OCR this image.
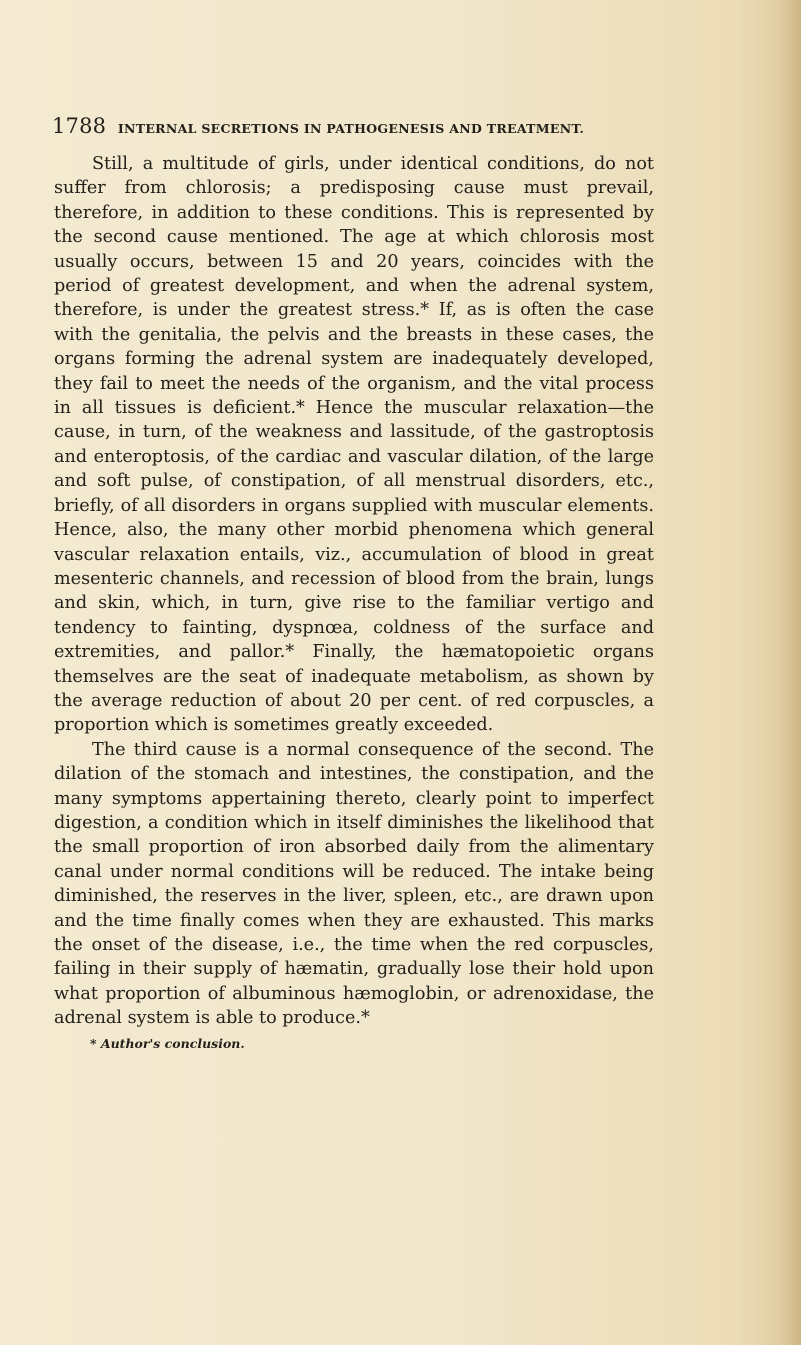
1788 INTERNAL SECRETIONS IN PATHOGENESIS AND TREATMENT.

Still, a multitude of girls, under identical conditions, do not suffer from chlorosis; a predisposing cause must prevail, therefore, in addition to these conditions. This is represented by the second cause mentioned. The age at which chlorosis most usually occurs, between 15 and 20 years, coincides with the period of greatest development, and when the adrenal system, therefore, is under the greatest stress.* If, as is often the case with the genitalia, the pelvis and the breasts in these cases, the organs forming the adrenal system are inadequately developed, they fail to meet the needs of the organism, and the vital process in all tissues is deficient.* Hence the muscular relaxation—the cause, in turn, of the weakness and lassitude, of the gastroptosis and enteroptosis, of the cardiac and vascular dilation, of the large and soft pulse, of constipation, of all menstrual disorders, etc., briefly, of all disorders in organs supplied with muscular elements. Hence, also, the many other morbid phenomena which general vascular relaxation entails, viz., accumulation of blood in great mesenteric channels, and recession of blood from the brain, lungs and skin, which, in turn, give rise to the familiar vertigo and tendency to fainting, dyspnœa, coldness of the surface and extremities, and pallor.* Finally, the hæmatopoietic organs themselves are the seat of inadequate metabolism, as shown by the average reduction of about 20 per cent. of red corpuscles, a proportion which is sometimes greatly exceeded.

The third cause is a normal consequence of the second. The dilation of the stomach and intestines, the constipation, and the many symptoms appertaining thereto, clearly point to imperfect digestion, a condition which in itself diminishes the likelihood that the small proportion of iron absorbed daily from the alimentary canal under normal conditions will be reduced. The intake being diminished, the reserves in the liver, spleen, etc., are drawn upon and the time finally comes when they are exhausted. This marks the onset of the disease, i.e., the time when the red corpuscles, failing in their supply of hæmatin, gradually lose their hold upon what proportion of albuminous hæmoglobin, or adrenoxidase, the adrenal system is able to produce.*

* Author's conclusion.
